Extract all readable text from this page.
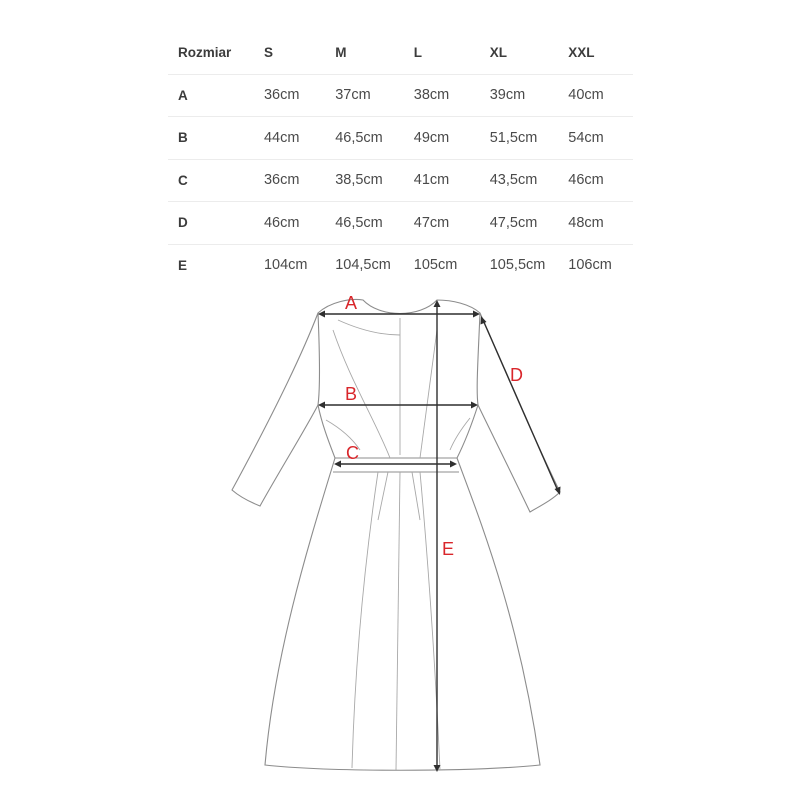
Rozmiar	S	M	L	XL	XXL
A	36cm	37cm	38cm	39cm	40cm
B	44cm	46,5cm	49cm	51,5cm	54cm
C	36cm	38,5cm	41cm	43,5cm	46cm
D	46cm	46,5cm	47cm	47,5cm	48cm
E	104cm	104,5cm	105cm	105,5cm	106cm
A
B
C
D
E
